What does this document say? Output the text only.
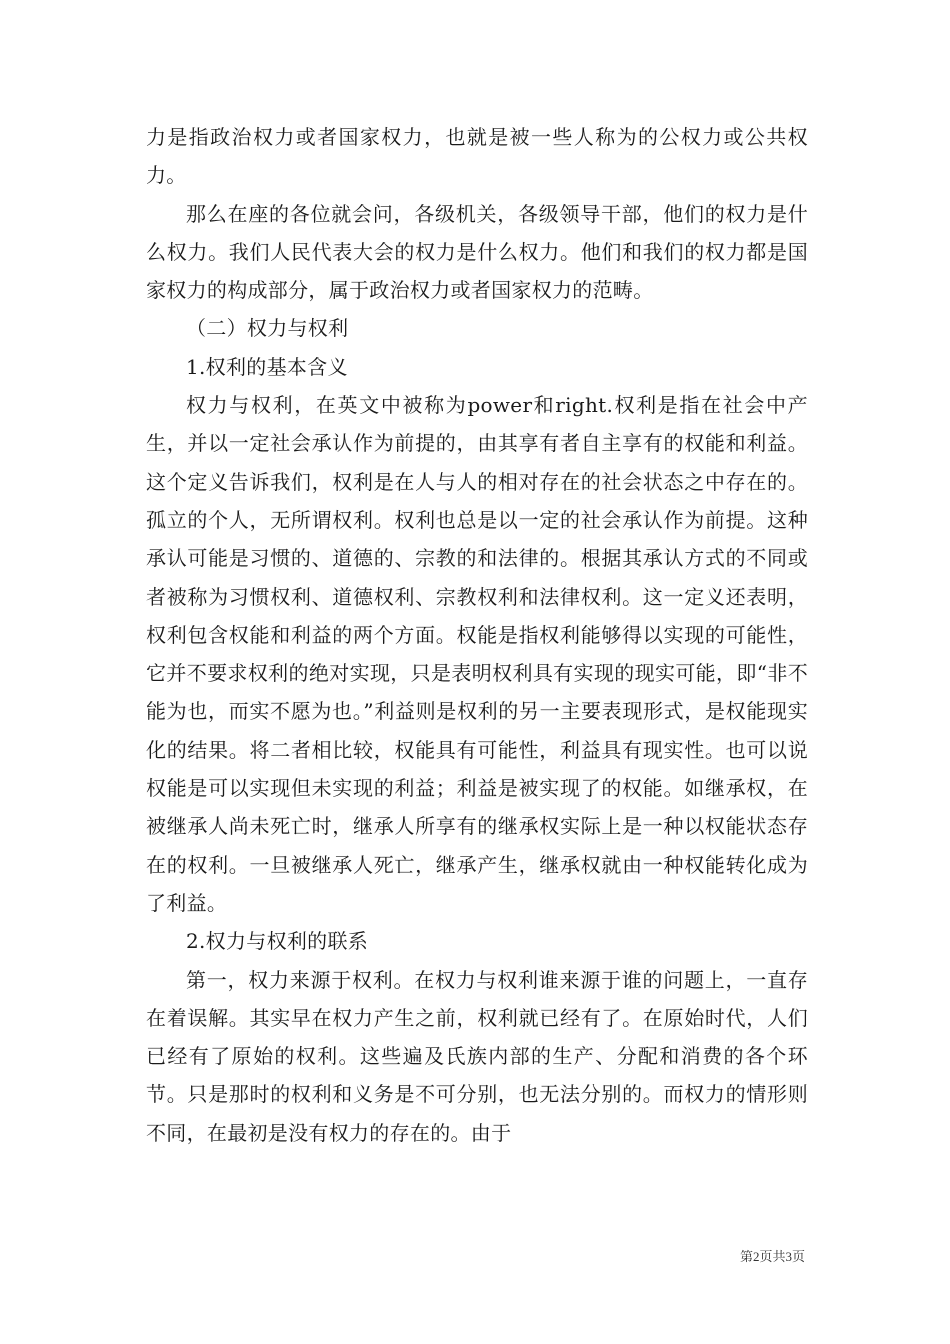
力是指政治权力或者国家权力，也就是被一些人称为的公权力或公共权力。

那么在座的各位就会问，各级机关，各级领导干部，他们的权力是什么权力。我们人民代表大会的权力是什么权力。他们和我们的权力都是国家权力的构成部分，属于政治权力或者国家权力的范畴。

（二）权力与权利

1.权利的基本含义

权力与权利，在英文中被称为power和right.权利是指在社会中产生，并以一定社会承认作为前提的，由其享有者自主享有的权能和利益。这个定义告诉我们，权利是在人与人的相对存在的社会状态之中存在的。孤立的个人，无所谓权利。权利也总是以一定的社会承认作为前提。这种承认可能是习惯的、道德的、宗教的和法律的。根据其承认方式的不同或者被称为习惯权利、道德权利、宗教权利和法律权利。这一定义还表明，权利包含权能和利益的两个方面。权能是指权利能够得以实现的可能性，它并不要求权利的绝对实现，只是表明权利具有实现的现实可能，即“非不能为也，而实不愿为也。”利益则是权利的另一主要表现形式，是权能现实化的结果。将二者相比较，权能具有可能性，利益具有现实性。也可以说权能是可以实现但未实现的利益；利益是被实现了的权能。如继承权，在被继承人尚未死亡时，继承人所享有的继承权实际上是一种以权能状态存在的权利。一旦被继承人死亡，继承产生，继承权就由一种权能转化成为了利益。

2.权力与权利的联系

第一，权力来源于权利。在权力与权利谁来源于谁的问题上，一直存在着误解。其实早在权力产生之前，权利就已经有了。在原始时代，人们已经有了原始的权利。这些遍及氏族内部的生产、分配和消费的各个环节。只是那时的权利和义务是不可分别，也无法分别的。而权力的情形则不同，在最初是没有权力的存在的。由于

第2页共3页
